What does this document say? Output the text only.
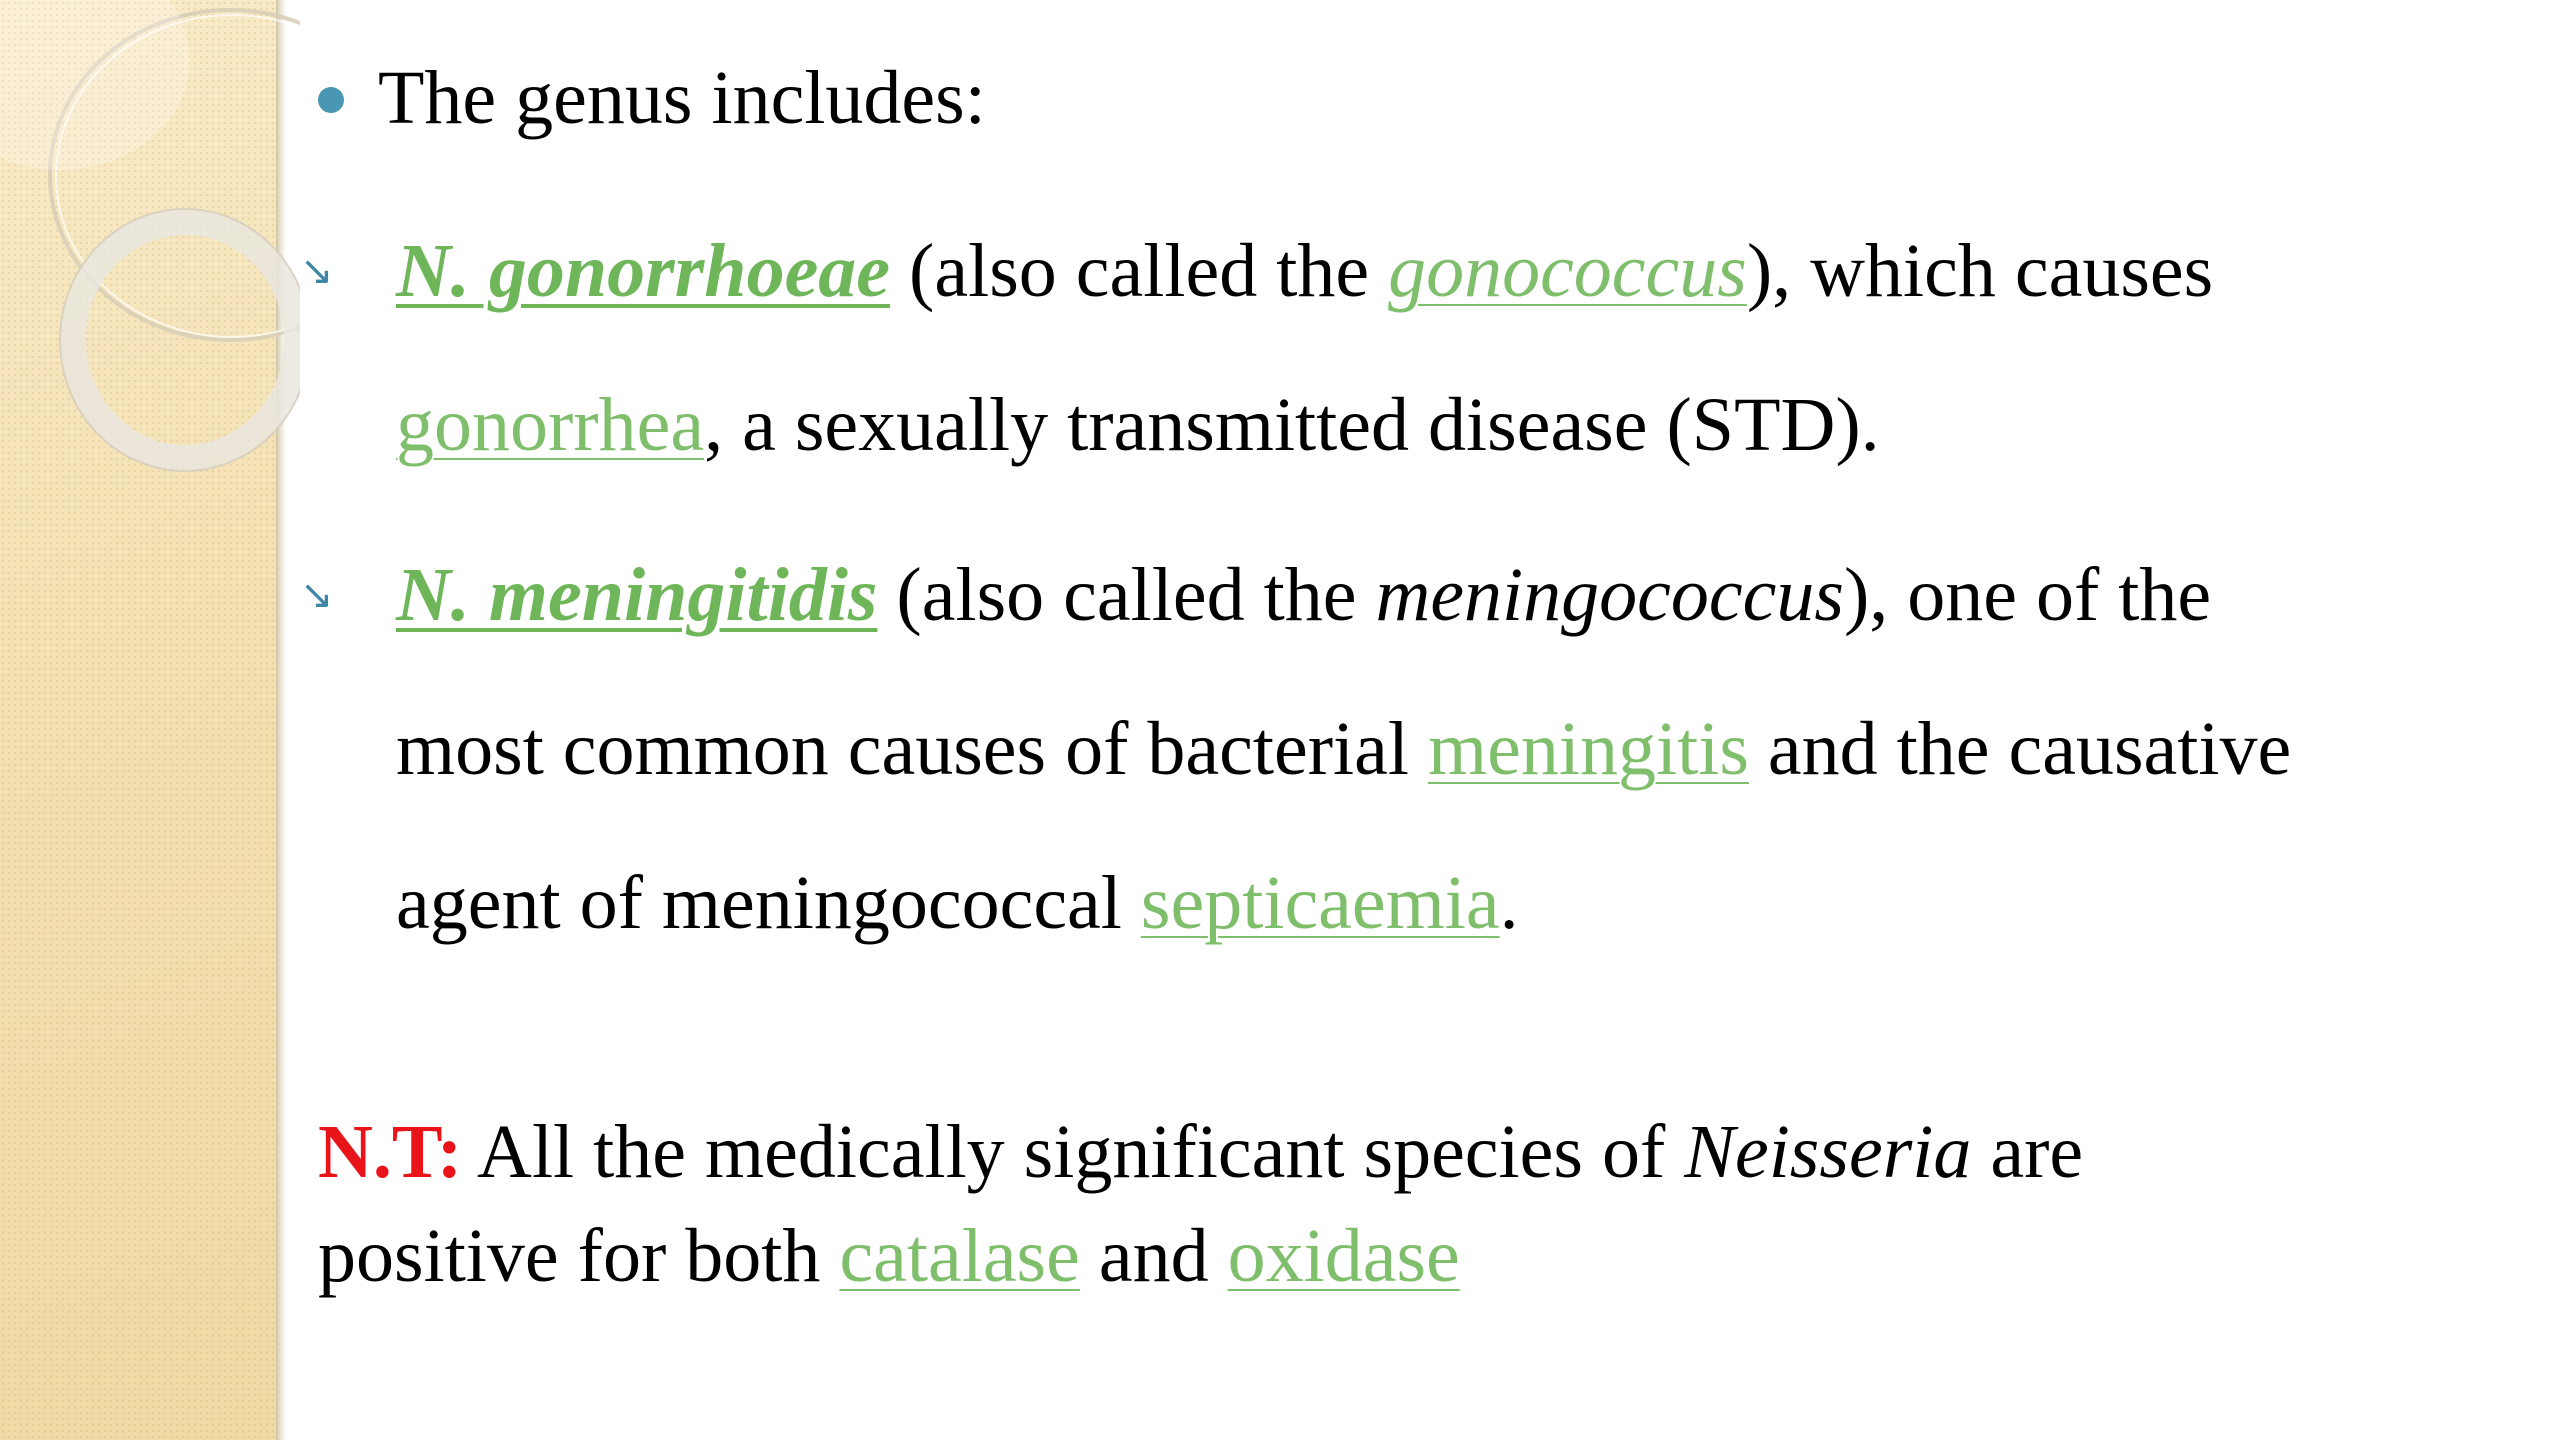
The genus includes:
↘ N. gonorrhoeae (also called the gonococcus), which causes
gonorrhea, a sexually transmitted disease (STD).
↘ N. meningitidis (also called the meningococcus), one of the
most common causes of bacterial meningitis and the causative
agent of meningococcal septicaemia.
N.T: All the medically significant species of Neisseria are
positive for both catalase and oxidase
